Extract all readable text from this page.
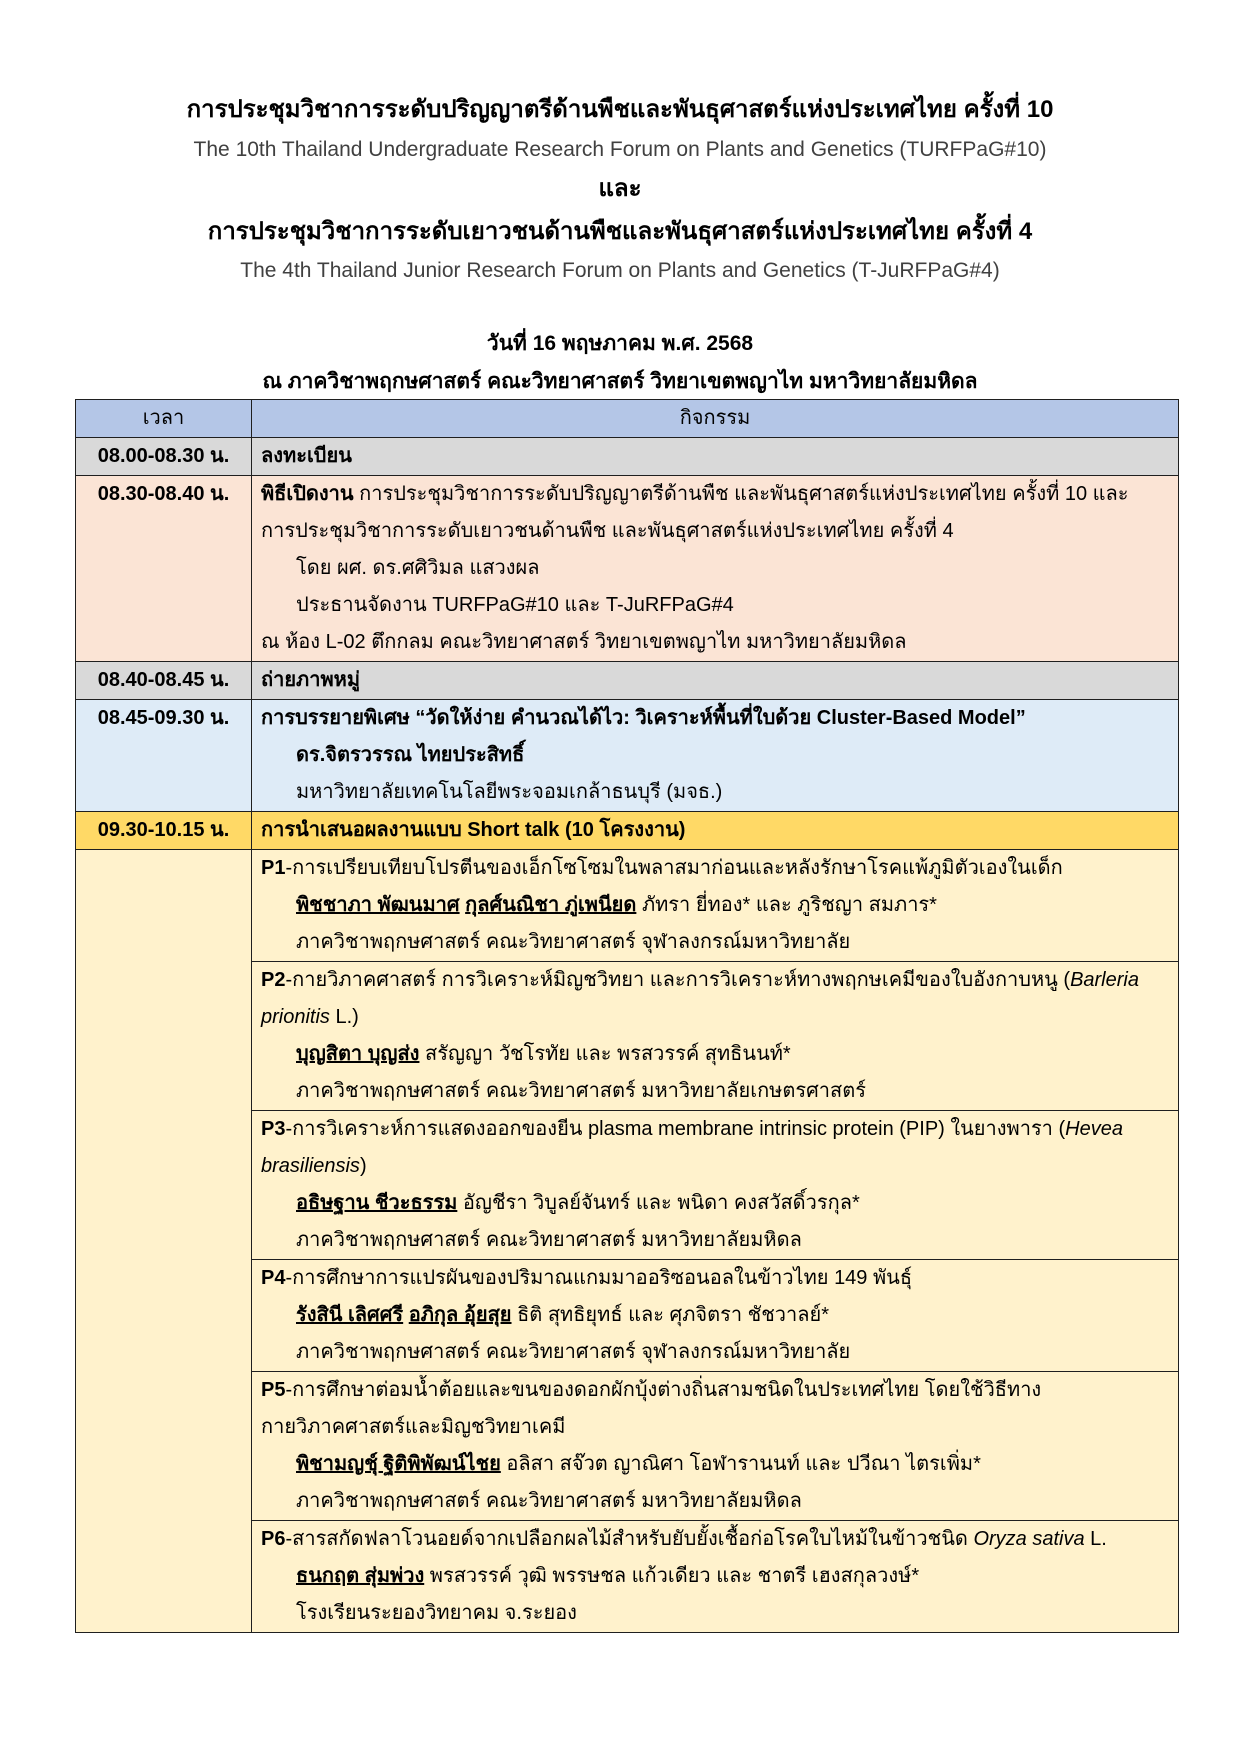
การประชุมวิชาการระดับปริญญาตรีด้านพืชและพันธุศาสตร์แห่งประเทศไทย ครั้งที่ 10
The 10th Thailand Undergraduate Research Forum on Plants and Genetics (TURFPaG#10)
และ
การประชุมวิชาการระดับเยาวชนด้านพืชและพันธุศาสตร์แห่งประเทศไทย ครั้งที่ 4
The 4th Thailand Junior Research Forum on Plants and Genetics (T-JuRFPaG#4)
วันที่ 16 พฤษภาคม พ.ศ. 2568
ณ ภาควิชาพฤกษศาสตร์ คณะวิทยาศาสตร์ วิทยาเขตพญาไท มหาวิทยาลัยมหิดล
เวลา	กิจกรรม

08.00-08.30 น.	ลงทะเบียน

08.30-08.40 น.	พิธีเปิดงาน การประชุมวิชาการระดับปริญญาตรีด้านพืช และพันธุศาสตร์แห่งประเทศไทย ครั้งที่ 10 และ
การประชุมวิชาการระดับเยาวชนด้านพืช และพันธุศาสตร์แห่งประเทศไทย ครั้งที่ 4
โดย ผศ. ดร.ศศิวิมล แสวงผล
ประธานจัดงาน TURFPaG#10 และ T-JuRFPaG#4
ณ ห้อง L-02 ตึกกลม คณะวิทยาศาสตร์ วิทยาเขตพญาไท มหาวิทยาลัยมหิดล

08.40-08.45 น.	ถ่ายภาพหมู่

08.45-09.30 น.	การบรรยายพิเศษ “วัดให้ง่าย คำนวณได้ไว: วิเคราะห์พื้นที่ใบด้วย Cluster-Based Model”
ดร.จิตรวรรณ ไทยประสิทธิ์
มหาวิทยาลัยเทคโนโลยีพระจอมเกล้าธนบุรี (มจธ.)

09.30-10.15 น.	การนำเสนอผลงานแบบ Short talk (10 โครงงาน)

	P1-การเปรียบเทียบโปรตีนของเอ็กโซโซมในพลาสมาก่อนและหลังรักษาโรคแพ้ภูมิตัวเองในเด็ก
พิชชาภา พัฒนมาศ กุลศ์นณิชา ภู่เพนียด ภัทรา ยี่ทอง* และ ภูริชญา สมภาร*
ภาควิชาพฤกษศาสตร์ คณะวิทยาศาสตร์ จุฬาลงกรณ์มหาวิทยาลัย

	P2-กายวิภาคศาสตร์ การวิเคราะห์มิญชวิทยา และการวิเคราะห์ทางพฤกษเคมีของใบอังกาบหนู (Barleria prionitis L.)
บุญสิตา บุญส่ง สรัญญา วัชโรทัย และ พรสวรรค์ สุทธินนท์*
ภาควิชาพฤกษศาสตร์ คณะวิทยาศาสตร์ มหาวิทยาลัยเกษตรศาสตร์

	P3-การวิเคราะห์การแสดงออกของยีน plasma membrane intrinsic protein (PIP) ในยางพารา (Hevea brasiliensis)
อธิษฐาน ชีวะธรรม อัญชีรา วิบูลย์จันทร์ และ พนิดา คงสวัสดิ์วรกุล*
ภาควิชาพฤกษศาสตร์ คณะวิทยาศาสตร์ มหาวิทยาลัยมหิดล

	P4-การศึกษาการแปรผันของปริมาณแกมมาออริซอนอลในข้าวไทย 149 พันธุ์
รังสินี เลิศศรี อภิกุล อุ้ยสุย ธิติ สุทธิยุทธ์ และ ศุภจิตรา ชัชวาลย์*
ภาควิชาพฤกษศาสตร์ คณะวิทยาศาสตร์ จุฬาลงกรณ์มหาวิทยาลัย

	P5-การศึกษาต่อมน้ำต้อยและขนของดอกผักบุ้งต่างถิ่นสามชนิดในประเทศไทย โดยใช้วิธีทางกายวิภาคศาสตร์และมิญชวิทยาเคมี
พิชามญชุ์ ฐิติพิพัฒน์ไชย อลิสา สจ๊วต ญาณิศา โอฬารานนท์ และ ปวีณา ไตรเพิ่ม*
ภาควิชาพฤกษศาสตร์ คณะวิทยาศาสตร์ มหาวิทยาลัยมหิดล

	P6-สารสกัดฟลาโวนอยด์จากเปลือกผลไม้สำหรับยับยั้งเชื้อก่อโรคใบไหม้ในข้าวชนิด Oryza sativa L.
ธนกฤต สุ่มพ่วง พรสวรรค์ วุฒิ พรรษชล แก้วเดียว และ ชาตรี เฮงสกุลวงษ์*
โรงเรียนระยองวิทยาคม จ.ระยอง
